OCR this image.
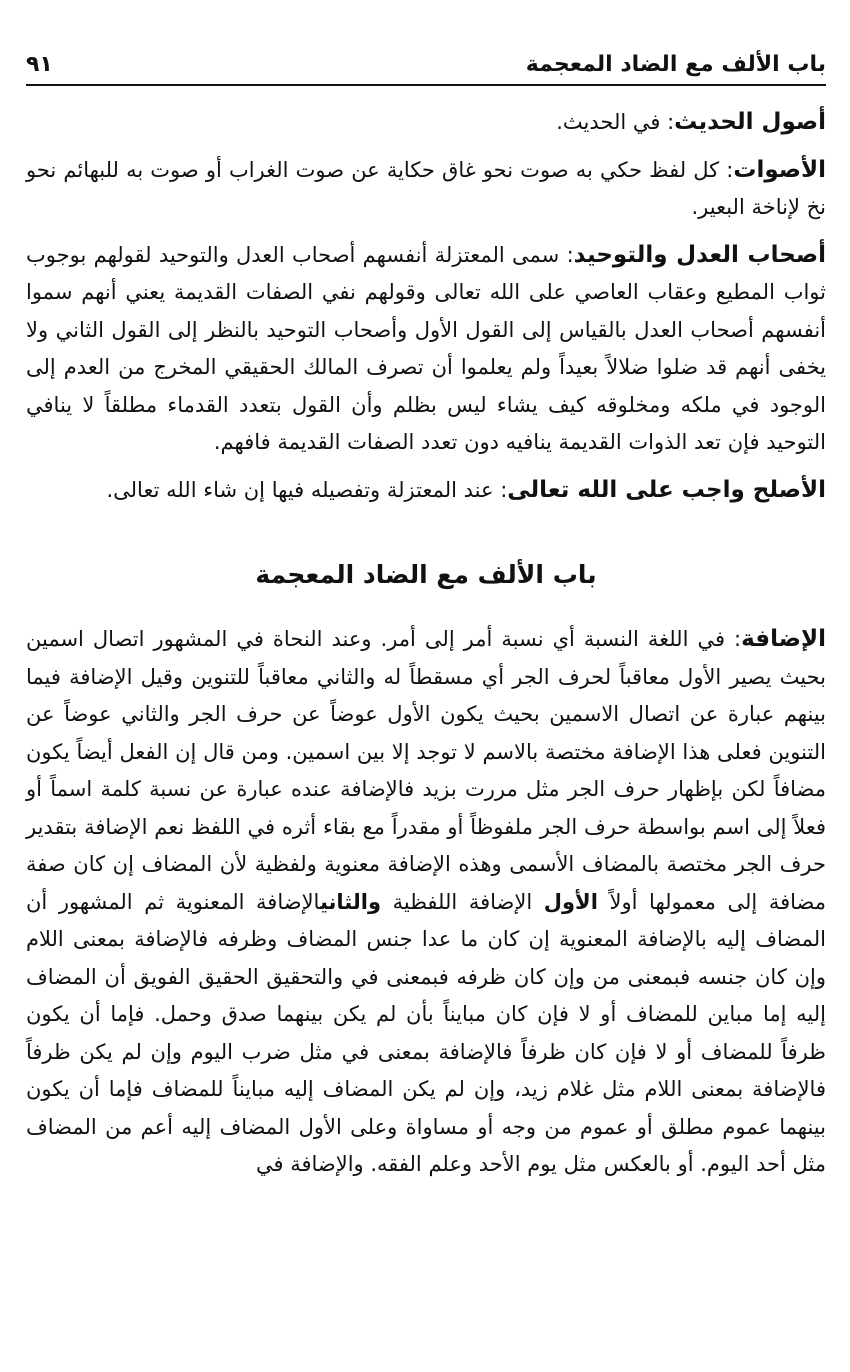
باب الألف مع الضاد المعجمة
٩١

أصول الحديث: في الحديث.

الأصوات: كل لفظ حكي به صوت نحو غاق حكاية عن صوت الغراب أو صوت به للبهائم نحو نخ لإناخة البعير.

أصحاب العدل والتوحيد: سمى المعتزلة أنفسهم أصحاب العدل والتوحيد لقولهم بوجوب ثواب المطيع وعقاب العاصي على الله تعالى وقولهم نفي الصفات القديمة يعني أنهم سموا أنفسهم أصحاب العدل بالقياس إلى القول الأول وأصحاب التوحيد بالنظر إلى القول الثاني ولا يخفى أنهم قد ضلوا ضلالاً بعيداً ولم يعلموا أن تصرف المالك الحقيقي المخرج من العدم إلى الوجود في ملكه ومخلوقه كيف يشاء ليس بظلم وأن القول بتعدد القدماء مطلقاً لا ينافي التوحيد فإن تعد الذوات القديمة ينافيه دون تعدد الصفات القديمة فافهم.

الأصلح واجب على الله تعالى: عند المعتزلة وتفصيله فيها إن شاء الله تعالى.

باب الألف مع الضاد المعجمة

الإضافة: في اللغة النسبة أي نسبة أمر إلى أمر. وعند النحاة في المشهور اتصال اسمين بحيث يصير الأول معاقباً لحرف الجر أي مسقطاً له والثاني معاقباً للتنوين وقيل الإضافة فيما بينهم عبارة عن اتصال الاسمين بحيث يكون الأول عوضاً عن حرف الجر والثاني عوضاً عن التنوين فعلى هذا الإضافة مختصة بالاسم لا توجد إلا بين اسمين. ومن قال إن الفعل أيضاً يكون مضافاً لكن بإظهار حرف الجر مثل مررت بزيد فالإضافة عنده عبارة عن نسبة كلمة اسماً أو فعلاً إلى اسم بواسطة حرف الجر ملفوظاً أو مقدراً مع بقاء أثره في اللفظ نعم الإضافة بتقدير حرف الجر مختصة بالمضاف الأسمى وهذه الإضافة معنوية ولفظية لأن المضاف إن كان صفة مضافة إلى معمولها أولاً الأول الإضافة اللفظية والثانيالإضافة المعنوية ثم المشهور أن المضاف إليه بالإضافة المعنوية إن كان ما عدا جنس المضاف وظرفه فالإضافة بمعنى اللام وإن كان جنسه فبمعنى من وإن كان ظرفه فبمعنى في والتحقيق الحقيق الفويق أن المضاف إليه إما مباين للمضاف أو لا فإن كان مبايناً بأن لم يكن بينهما صدق وحمل. فإما أن يكون ظرفاً للمضاف أو لا فإن كان ظرفاً فالإضافة بمعنى في مثل ضرب اليوم وإن لم يكن ظرفاً فالإضافة بمعنى اللام مثل غلام زيد، وإن لم يكن المضاف إليه مبايناً للمضاف فإما أن يكون بينهما عموم مطلق أو عموم من وجه أو مساواة وعلى الأول المضاف إليه أعم من المضاف مثل أحد اليوم. أو بالعكس مثل يوم الأحد وعلم الفقه. والإضافة في
